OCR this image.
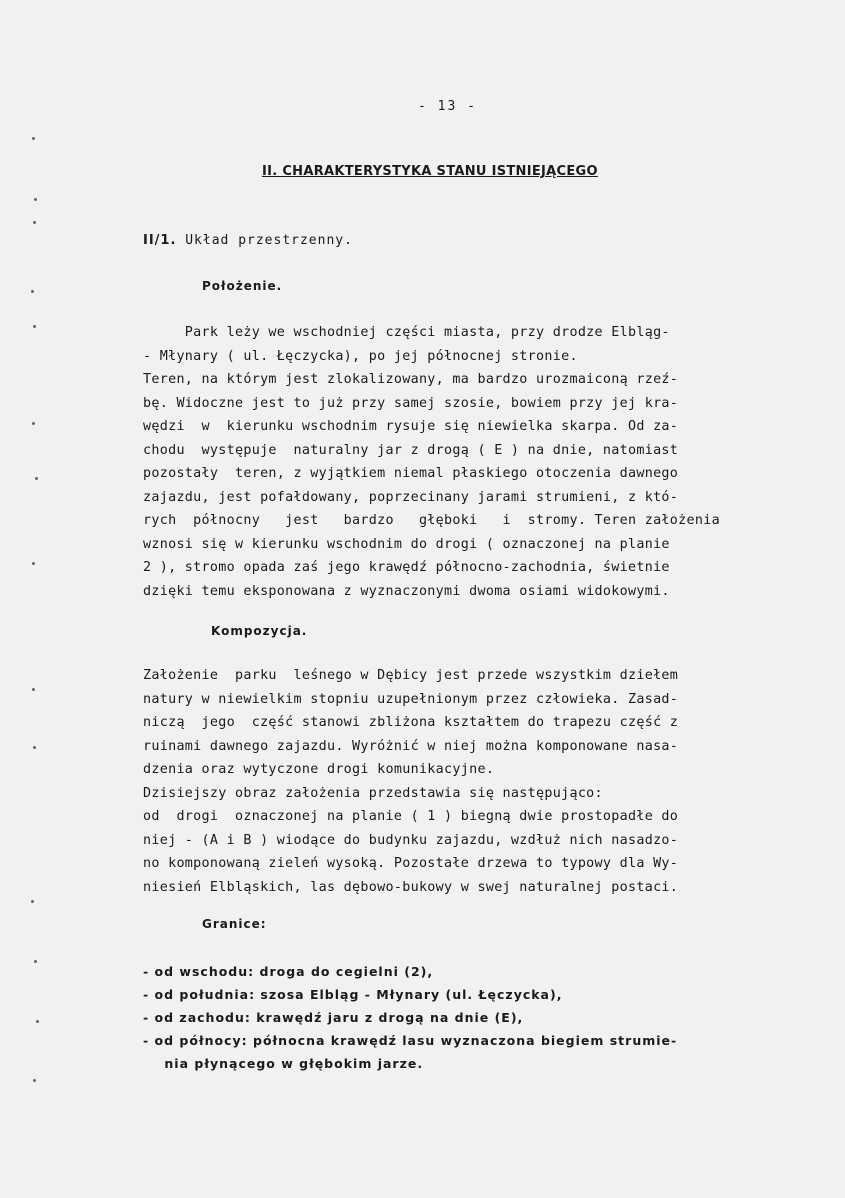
- 13 -
II. CHARAKTERYSTYKA STANU ISTNIEJĄCEGO
II/1. Układ przestrzenny.
Położenie.
Park leży we wschodniej części miasta, przy drodze Elbląg-
- Młynary ( ul. Łęczycka), po jej północnej stronie.
Teren, na którym jest zlokalizowany, ma bardzo urozmaiconą rzeź-
bę. Widoczne jest to już przy samej szosie, bowiem przy jej kra-
wędzi  w  kierunku wschodnim rysuje się niewielka skarpa. Od za-
chodu  występuje  naturalny jar z drogą ( E ) na dnie, natomiast
pozostały  teren, z wyjątkiem niemal płaskiego otoczenia dawnego
zajazdu, jest pofałdowany, poprzecinany jarami strumieni, z któ-
rych  północny   jest   bardzo   głęboki   i  stromy. Teren założenia
wznosi się w kierunku wschodnim do drogi ( oznaczonej na planie
2 ), stromo opada zaś jego krawędź północno-zachodnia, świetnie
dzięki temu eksponowana z wyznaczonymi dwoma osiami widokowymi.
Kompozycja.
Założenie  parku  leśnego w Dębicy jest przede wszystkim dziełem
natury w niewielkim stopniu uzupełnionym przez człowieka. Zasad-
niczą  jego  część stanowi zbliżona kształtem do trapezu część z
ruinami dawnego zajazdu. Wyróżnić w niej można komponowane nasa-
dzenia oraz wytyczone drogi komunikacyjne.
Dzisiejszy obraz założenia przedstawia się następująco:
od  drogi  oznaczonej na planie ( 1 ) biegną dwie prostopadłe do
niej - (A i B ) wiodące do budynku zajazdu, wzdłuż nich nasadzo-
no komponowaną zieleń wysoką. Pozostałe drzewa to typowy dla Wy-
niesień Elbląskich, las dębowo-bukowy w swej naturalnej postaci.
Granice:
- od wschodu: droga do cegielni (2),
- od południa: szosa Elbląg - Młynary (ul. Łęczycka),
- od zachodu: krawędź jaru z drogą na dnie (E),
- od północy: północna krawędź lasu wyznaczona biegiem strumie-
nia płynącego w głębokim jarze.
